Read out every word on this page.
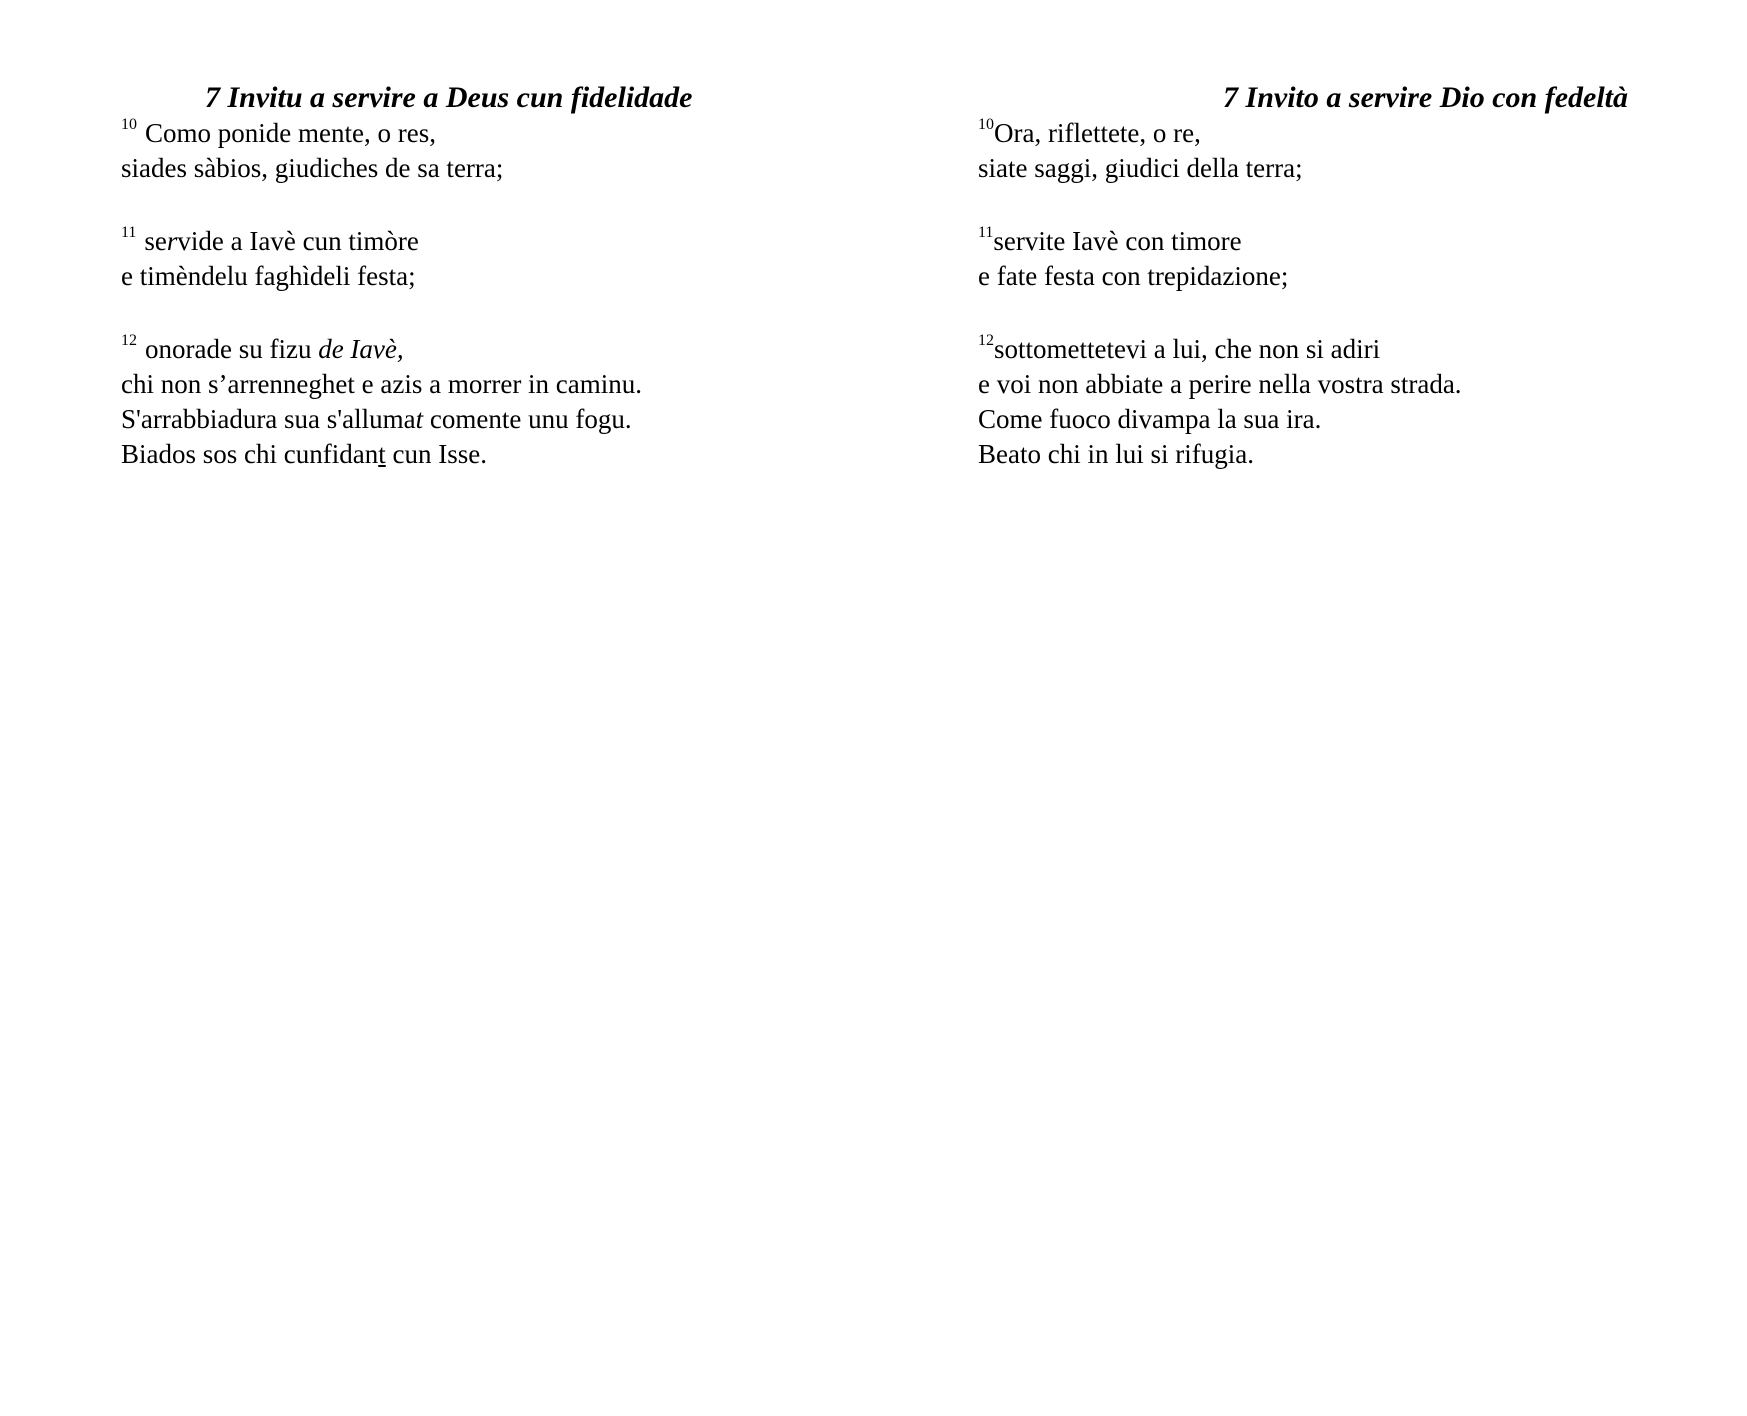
7 Invitu a servire a Deus cun fidelidade
$^{10}$ Como ponide mente, o res,
siades sàbios, giudiches de sa terra;
$^{11}$ servide a Iavè cun timòre
e timèndelu faghìdeli festa;
$^{12}$ onorade su fizu de Iavè,
chi non s’arrenneghet e azis a morrer in caminu.
S'arrabbiadura sua s'allumat comente unu fogu.
Biados sos chi cunfidant cun Isse.
7 Invito a servire Dio con fedeltà
$^{10}$Ora, riflettete, o re,
siate saggi, giudici della terra;
$^{11}$servite Iavè con timore
e fate festa con trepidazione;
$^{12}$sottomettetevi a lui, che non si adiri
e voi non abbiate a perire nella vostra strada.
Come fuoco divampa la sua ira.
Beato chi in lui si rifugia.
